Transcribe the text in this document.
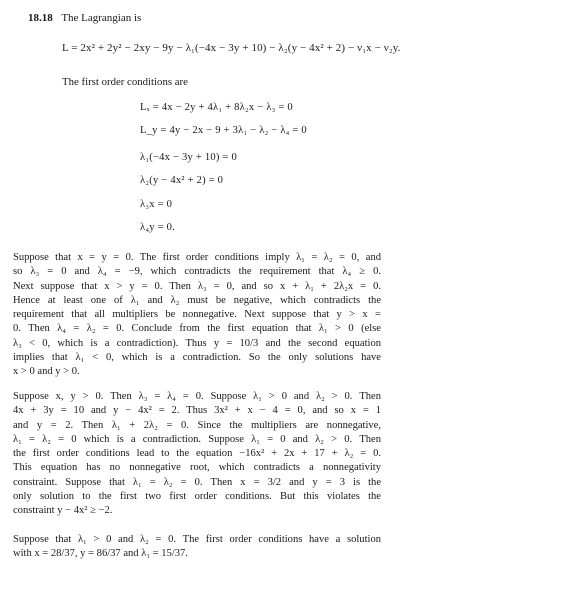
18.18 The Lagrangian is
L = 2x² + 2y² − 2xy − 9y − λ₁(−4x − 3y + 10) − λ₂(y − 4x² + 2) − ν₁x − ν₂y.
The first order conditions are
Lₓ = 4x − 2y + 4λ₁ + 8λ₂x − λ₃ = 0
L_y = 4y − 2x − 9 + 3λ₁ − λ₂ − λ₄ = 0
λ₁(−4x − 3y + 10) = 0
λ₂(y − 4x² + 2) = 0
λ₃x = 0
λ₄y = 0.
Suppose that x = y = 0. The first order conditions imply λ₁ = λ₂ = 0, and
so λ₃ = 0 and λ₄ = −9, which contradicts the requirement that λ₄ ≥ 0.
Next suppose that x > y = 0. Then λ₃ = 0, and so x + λ₁ + 2λ₂x = 0.
Hence at least one of λ₁ and λ₂ must be negative, which contradicts the
requirement that all multipliers be nonnegative. Next suppose that y > x =
0. Then λ₄ = λ₂ = 0. Conclude from the first equation that λ₁ > 0 (else
λ₃ < 0, which is a contradiction). Thus y = 10/3 and the second equation
implies that λ₁ < 0, which is a contradiction. So the only solutions have
x > 0 and y > 0.
Suppose x, y > 0. Then λ₃ = λ₄ = 0. Suppose λ₁ > 0 and λ₂ > 0. Then
4x + 3y = 10 and y − 4x² = 2. Thus 3x² + x − 4 = 0, and so x = 1
and y = 2. Then λ₁ + 2λ₂ = 0. Since the multipliers are nonnegative,
λ₁ = λ₂ = 0 which is a contradiction. Suppose λ₁ = 0 and λ₂ > 0. Then
the first order conditions lead to the equation −16x² + 2x + 17 + λ₂ = 0.
This equation has no nonnegative root, which contradicts a nonnegativity
constraint. Suppose that λ₁ = λ₂ = 0. Then x = 3/2 and y = 3 is the
only solution to the first two first order conditions. But this violates the
constraint y − 4x² ≥ −2.
Suppose that λ₁ > 0 and λ₂ = 0. The first order conditions have a solution
with x = 28/37, y = 86/37 and λ₁ = 15/37.
